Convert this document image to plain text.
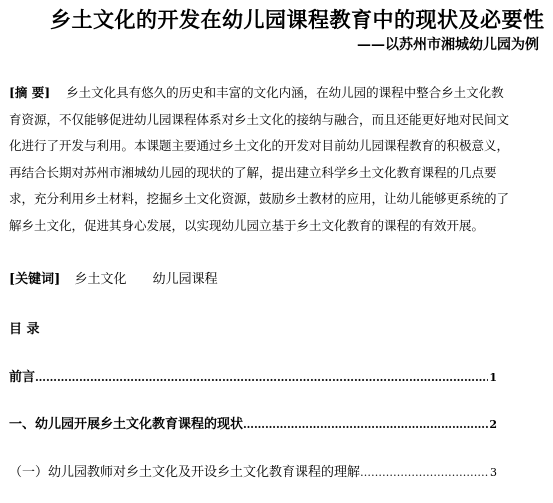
乡土文化的开发在幼儿园课程教育中的现状及必要性
——以苏州市湘城幼儿园为例
[摘 要] 乡土文化具有悠久的历史和丰富的文化内涵，在幼儿园的课程中整合乡土文化教
育资源，不仅能够促进幼儿园课程体系对乡土文化的接纳与融合，而且还能更好地对民间文
化进行了开发与利用。本课题主要通过乡土文化的开发对目前幼儿园课程教育的积极意义，
再结合长期对苏州市湘城幼儿园的现状的了解，提出建立科学乡土文化教育课程的几点要
求，充分利用乡土材料，挖掘乡土文化资源，鼓励乡土教材的应用，让幼儿能够更系统的了
解乡土文化，促进其身心发展，以实现幼儿园立基于乡土文化教育的课程的有效开展。
[关键词] 乡土文化 幼儿园课程
目 录
前言 ……………………………………………………………………………………………………………………………………………………	1
一、幼儿园开展乡土文化教育课程的现状 ……………………………………………………………………………………………………………………………………………………	2
（一）幼儿园教师对乡土文化及开设乡土文化教育课程的理解 ……………………………………………………………………………………………………………………………………………………	3
